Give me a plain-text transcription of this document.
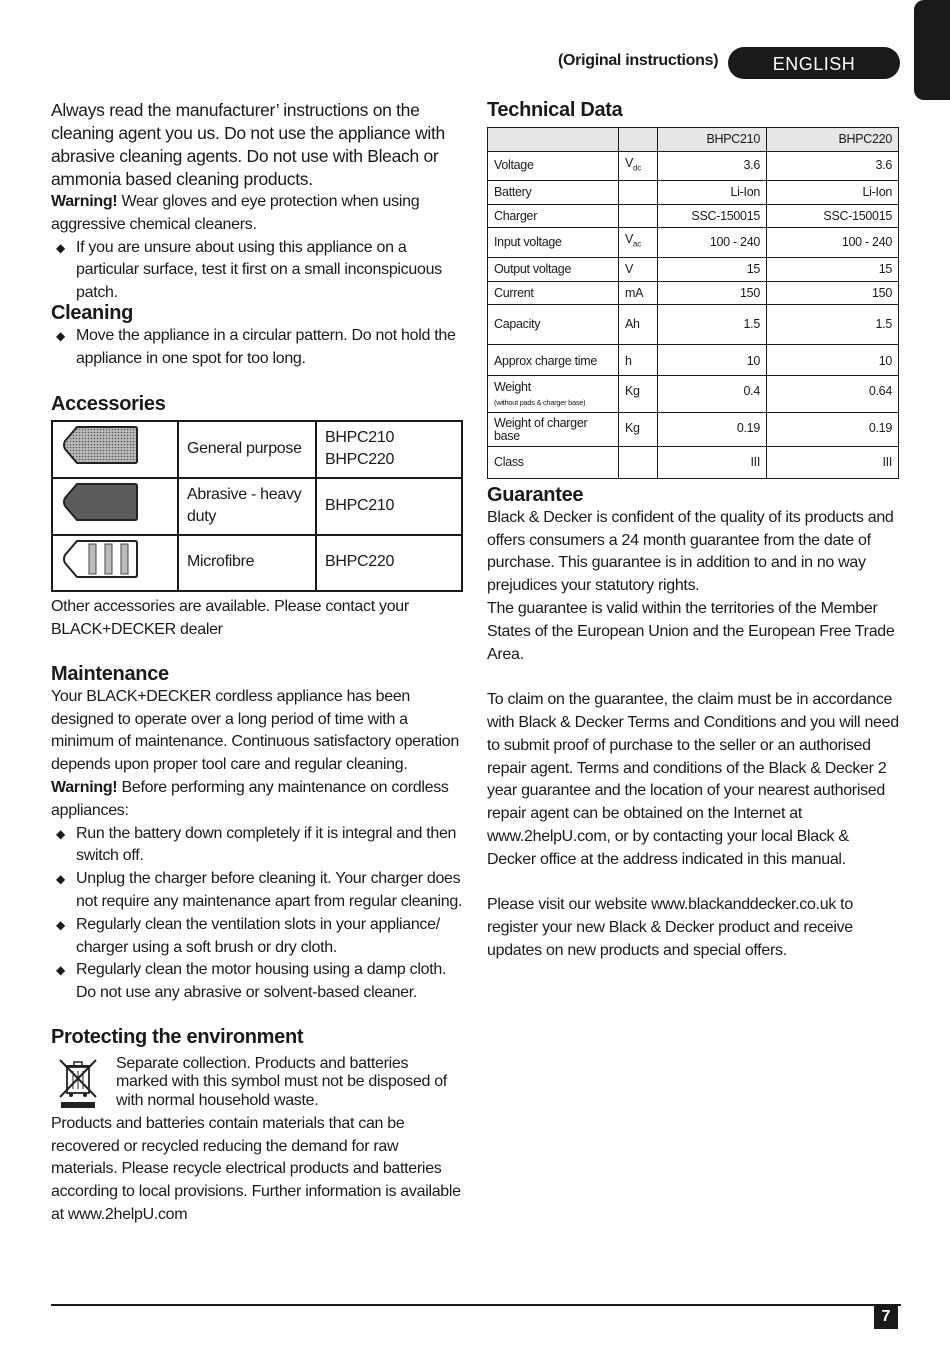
(Original instructions)	ENGLISH

Always read the manufacturer’ instructions on the cleaning agent you us. Do not use the appliance with abrasive cleaning agents. Do not use with Bleach or ammonia based cleaning products.

Warning! Wear gloves and eye protection when using aggressive chemical cleaners.

◆ If you are unsure about using this appliance on a particular surface, test it first on a small inconspicuous patch.
Cleaning
◆ Move the appliance in a circular pattern. Do not hold the appliance in one spot for too long.
Accessories
	General purpose	BHPC210
BHPC220
	Abrasive - heavy duty	BHPC210
	Microfibre	BHPC220

Other accessories are available. Please contact your BLACK+DECKER dealer

Maintenance

Your BLACK+DECKER cordless appliance has been designed to operate over a long period of time with a minimum of maintenance. Continuous satisfactory operation depends upon proper tool care and regular cleaning.

Warning! Before performing any maintenance on cordless appliances:

◆ Run the battery down completely if it is integral and then switch off.
◆ Unplug the charger before cleaning it. Your charger does not require any maintenance apart from regular cleaning.
◆ Regularly clean the ventilation slots in your appliance/ charger using a soft brush or dry cloth.
◆ Regularly clean the motor housing using a damp cloth. Do not use any abrasive or solvent-based cleaner.
Protecting the environment

Separate collection. Products and batteries marked with this symbol must not be disposed of with normal household waste.

Products and batteries contain materials that can be recovered or recycled reducing the demand for raw materials. Please recycle electrical products and batteries according to local provisions. Further information is available at www.2helpU.com

Technical Data
		BHPC210	BHPC220
Voltage	$V_{dc}$	3.6	3.6
Battery		Li-Ion	Li-Ion
Charger		SSC-150015	SSC-150015
Input voltage	$V_{ac}$	100 - 240	100 - 240
Output voltage	V	15	15
Current	mA	150	150
Capacity	Ah	1.5	1.5
Approx charge time	h	10	10
Weight
(without pads & charger base)	Kg	0.4	0.64
Weight of charger base	Kg	0.19	0.19
Class		III	III
Guarantee

Black & Decker is confident of the quality of its products and offers consumers a 24 month guarantee from the date of purchase. This guarantee is in addition to and in no way prejudices your statutory rights.

The guarantee is valid within the territories of the Member States of the European Union and the European Free Trade Area.

To claim on the guarantee, the claim must be in accordance with Black & Decker Terms and Conditions and you will need to submit proof of purchase to the seller or an authorised repair agent. Terms and conditions of the Black & Decker 2 year guarantee and the location of your nearest authorised repair agent can be obtained on the Internet at www.2helpU.com, or by contacting your local Black & Decker office at the address indicated in this manual.

Please visit our website www.blackanddecker.co.uk to register your new Black & Decker product and receive updates on new products and special offers.

7
